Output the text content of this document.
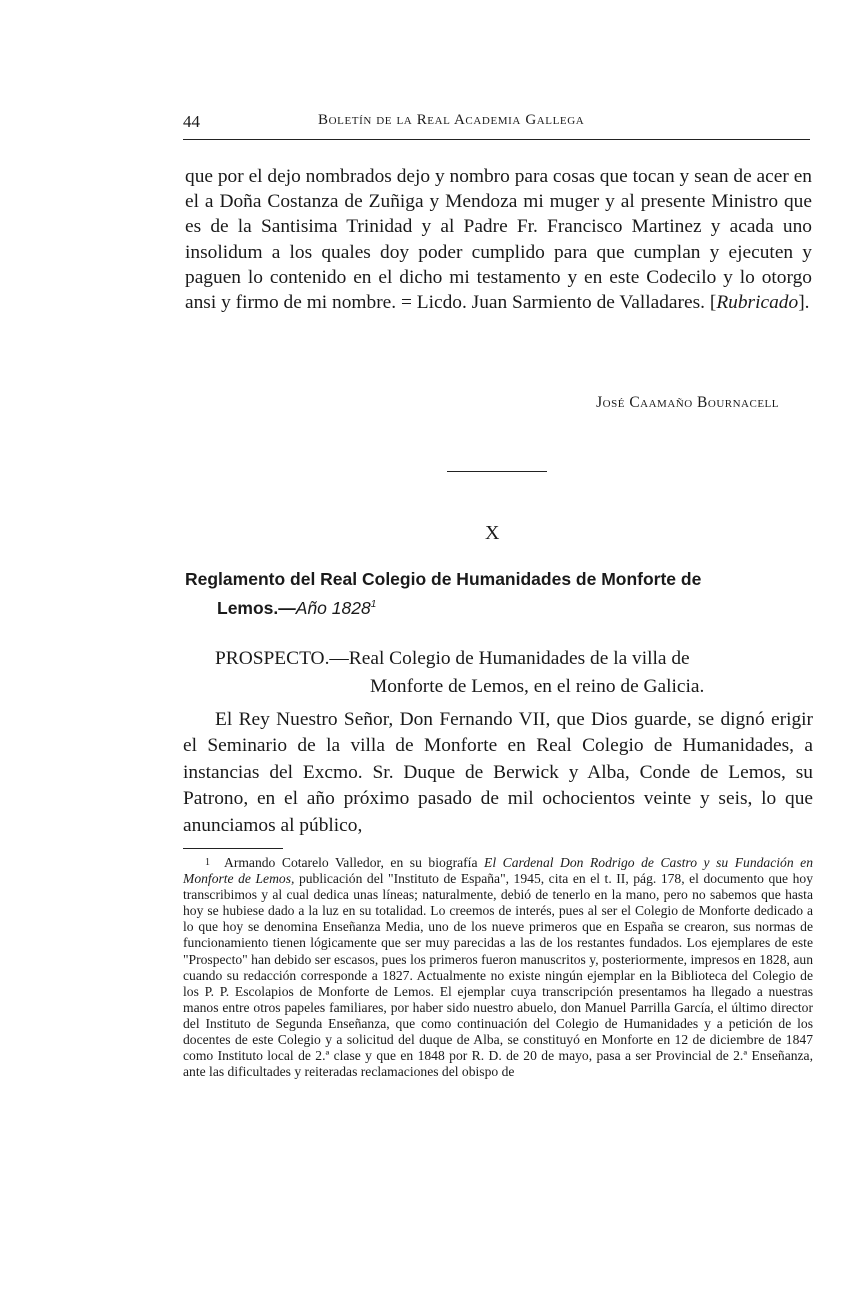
44	Boletín de la Real Academia Gallega

que por el dejo nombrados dejo y nombro para cosas que tocan y sean de acer en el a Doña Costanza de Zuñiga y Mendoza mi muger y al presente Ministro que es de la Santisima Trinidad y al Padre Fr. Francisco Martinez y acada uno insolidum a los quales doy poder cumplido para que cumplan y ejecuten y paguen lo contenido en el dicho mi testamento y en este Codecilo y lo otorgo ansi y firmo de mi nombre. = Licdo. Juan Sarmiento de Valladares. [Rubricado].

José Caamaño Bournacell
X
Reglamento del Real Colegio de Humanidades de Monforte de
Lemos.—Año 1828$^1$
PROSPECTO.—Real Colegio de Humanidades de la villa de
Monforte de Lemos, en el reino de Galicia.

El Rey Nuestro Señor, Don Fernando VII, que Dios guarde, se dignó erigir el Seminario de la villa de Monforte en Real Colegio de Humanidades, a instancias del Excmo. Sr. Duque de Berwick y Alba, Conde de Lemos, su Patrono, en el año próximo pasado de mil ochocientos veinte y seis, lo que anunciamos al público,

$^1$ Armando Cotarelo Valledor, en su biografía El Cardenal Don Rodrigo de Castro y su Fundación en Monforte de Lemos, publicación del "Instituto de España", 1945, cita en el t. II, pág. 178, el documento que hoy transcribimos y al cual dedica unas líneas; naturalmente, debió de tenerlo en la mano, pero no sabemos que hasta hoy se hubiese dado a la luz en su totalidad. Lo creemos de interés, pues al ser el Colegio de Monforte dedicado a lo que hoy se denomina Enseñanza Media, uno de los nueve primeros que en España se crearon, sus normas de funcionamiento tienen lógicamente que ser muy parecidas a las de los restantes fundados. Los ejemplares de este "Prospecto" han debido ser escasos, pues los primeros fueron manuscritos y, posteriormente, impresos en 1828, aun cuando su redacción corresponde a 1827. Actualmente no existe ningún ejemplar en la Biblioteca del Colegio de los P. P. Escolapios de Monforte de Lemos. El ejemplar cuya transcripción presentamos ha llegado a nuestras manos entre otros papeles familiares, por haber sido nuestro abuelo, don Manuel Parrilla García, el último director del Instituto de Segunda Enseñanza, que como continuación del Colegio de Humanidades y a petición de los docentes de este Colegio y a solicitud del duque de Alba, se constituyó en Monforte en 12 de diciembre de 1847 como Instituto local de 2.ª clase y que en 1848 por R. D. de 20 de mayo, pasa a ser Provincial de 2.ª Enseñanza, ante las dificultades y reiteradas reclamaciones del obispo de
